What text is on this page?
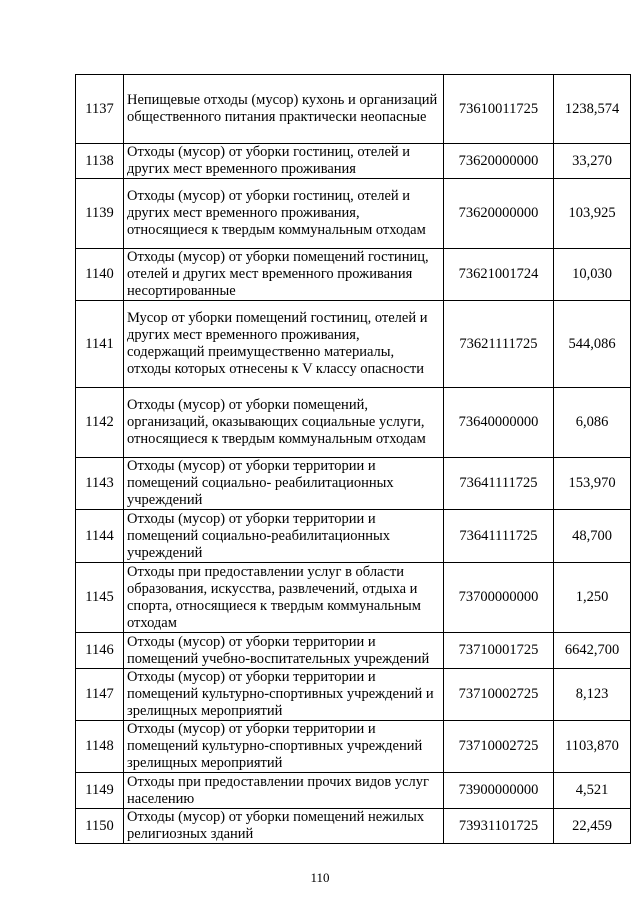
1137	Непищевые отходы (мусор) кухонь и организаций общественного питания практически неопасные	73610011725	1238,574
1138	Отходы (мусор) от уборки гостиниц, отелей и других мест временного проживания	73620000000	33,270
1139	Отходы (мусор) от уборки гостиниц, отелей и других мест временного проживания, относящиеся к твердым коммунальным отходам	73620000000	103,925
1140	Отходы (мусор) от уборки помещений гостиниц, отелей и других мест временного проживания несортированные	73621001724	10,030
1141	Мусор от уборки помещений гостиниц, отелей и других мест временного проживания, содержащий преимущественно материалы, отходы которых отнесены к V классу опасности	73621111725	544,086
1142	Отходы (мусор) от уборки помещений, организаций, оказывающих социальные услуги, относящиеся к твердым коммунальным отходам	73640000000	6,086
1143	Отходы (мусор) от уборки территории и помещений социально- реабилитационных учреждений	73641111725	153,970
1144	Отходы (мусор) от уборки территории и помещений социально-реабилитационных учреждений	73641111725	48,700
1145	Отходы при предоставлении услуг в области образования, искусства, развлечений, отдыха и спорта, относящиеся к твердым коммунальным отходам	73700000000	1,250
1146	Отходы (мусор) от уборки территории и помещений учебно-воспитательных учреждений	73710001725	6642,700
1147	Отходы (мусор) от уборки территории и помещений культурно-спортивных учреждений и зрелищных мероприятий	73710002725	8,123
1148	Отходы (мусор) от уборки территории и помещений культурно-спортивных учреждений зрелищных мероприятий	73710002725	1103,870
1149	Отходы при предоставлении прочих видов услуг населению	73900000000	4,521
1150	Отходы (мусор) от уборки помещений нежилых религиозных зданий	73931101725	22,459
110
